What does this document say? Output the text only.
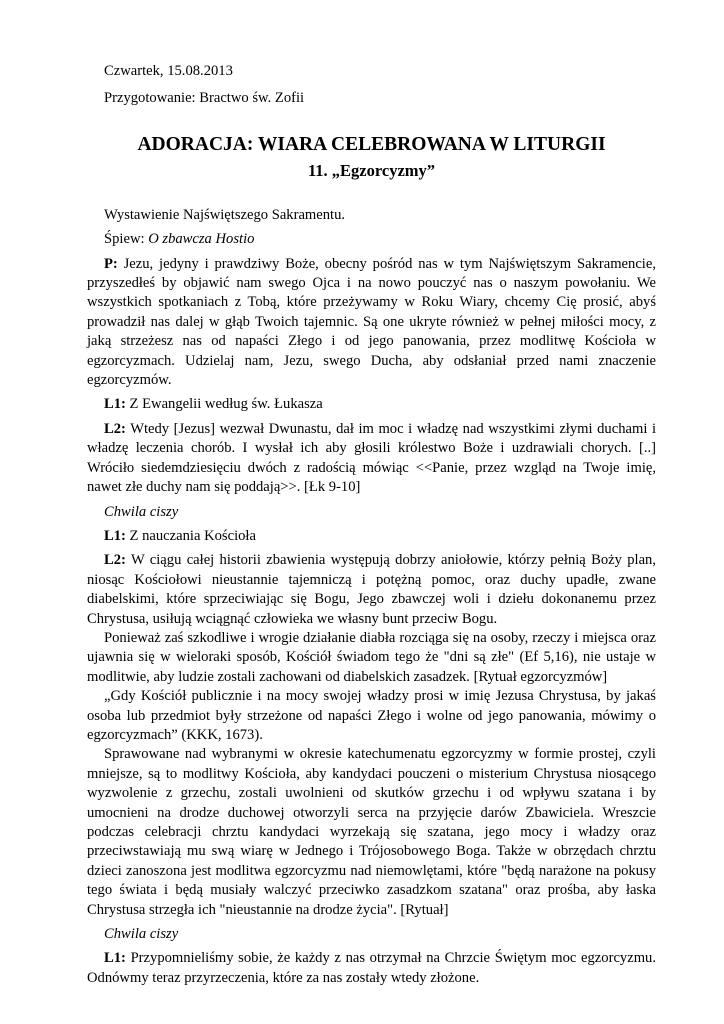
Czwartek, 15.08.2013

Przygotowanie: Bractwo św. Zofii

ADORACJA: WIARA CELEBROWANA W LITURGII
11. „Egzorcyzmy”

Wystawienie Najświętszego Sakramentu.

Śpiew: O zbawcza Hostio

P: Jezu, jedyny i prawdziwy Boże, obecny pośród nas w tym Najświętszym Sakramencie, przyszedłeś by objawić nam swego Ojca i na nowo pouczyć nas o naszym powołaniu. We wszystkich spotkaniach z Tobą, które przeżywamy w Roku Wiary, chcemy Cię prosić, abyś prowadził nas dalej w głąb Twoich tajemnic. Są one ukryte również w pełnej miłości mocy, z jaką strzeżesz nas od napaści Złego i od jego panowania, przez modlitwę Kościoła w egzorcyzmach. Udzielaj nam, Jezu, swego Ducha, aby odsłaniał przed nami znaczenie egzorcyzmów.

L1: Z Ewangelii według św. Łukasza

L2: Wtedy [Jezus] wezwał Dwunastu, dał im moc i władzę nad wszystkimi złymi duchami i władzę leczenia chorób. I wysłał ich aby głosili królestwo Boże i uzdrawiali chorych. [..] Wróciło siedemdziesięciu dwóch z radością mówiąc <<Panie, przez wzgląd na Twoje imię, nawet złe duchy nam się poddają>>. [Łk 9-10]

Chwila ciszy

L1: Z nauczania Kościoła

L2: W ciągu całej historii zbawienia występują dobrzy aniołowie, którzy pełnią Boży plan, niosąc Kościołowi nieustannie tajemniczą i potężną pomoc, oraz duchy upadłe, zwane diabelskimi, które sprzeciwiając się Bogu, Jego zbawczej woli i dziełu dokonanemu przez Chrystusa, usiłują wciągnąć człowieka we własny bunt przeciw Bogu.

Ponieważ zaś szkodliwe i wrogie działanie diabła rozciąga się na osoby, rzeczy i miejsca oraz ujawnia się w wieloraki sposób, Kościół świadom tego że "dni są złe" (Ef 5,16), nie ustaje w modlitwie, aby ludzie zostali zachowani od diabelskich zasadzek. [Rytuał egzorcyzmów]

„Gdy Kościół publicznie i na mocy swojej władzy prosi w imię Jezusa Chrystusa, by jakaś osoba lub przedmiot były strzeżone od napaści Złego i wolne od jego panowania, mówimy o egzorcyzmach” (KKK, 1673).

Sprawowane nad wybranymi w okresie katechumenatu egzorcyzmy w formie prostej, czyli mniejsze, są to modlitwy Kościoła, aby kandydaci pouczeni o misterium Chrystusa niosącego wyzwolenie z grzechu, zostali uwolnieni od skutków grzechu i od wpływu szatana i by umocnieni na drodze duchowej otworzyli serca na przyjęcie darów Zbawiciela. Wreszcie podczas celebracji chrztu kandydaci wyrzekają się szatana, jego mocy i władzy oraz przeciwstawiają mu swą wiarę w Jednego i Trójosobowego Boga. Także w obrzędach chrztu dzieci zanoszona jest modlitwa egzorcyzmu nad niemowlętami, które "będą narażone na pokusy tego świata i będą musiały walczyć przeciwko zasadzkom szatana" oraz prośba, aby łaska Chrystusa strzegła ich "nieustannie na drodze życia". [Rytuał]

Chwila ciszy

L1: Przypomnieliśmy sobie, że każdy z nas otrzymał na Chrzcie Świętym moc egzorcyzmu. Odnówmy teraz przyrzeczenia, które za nas zostały wtedy złożone.
